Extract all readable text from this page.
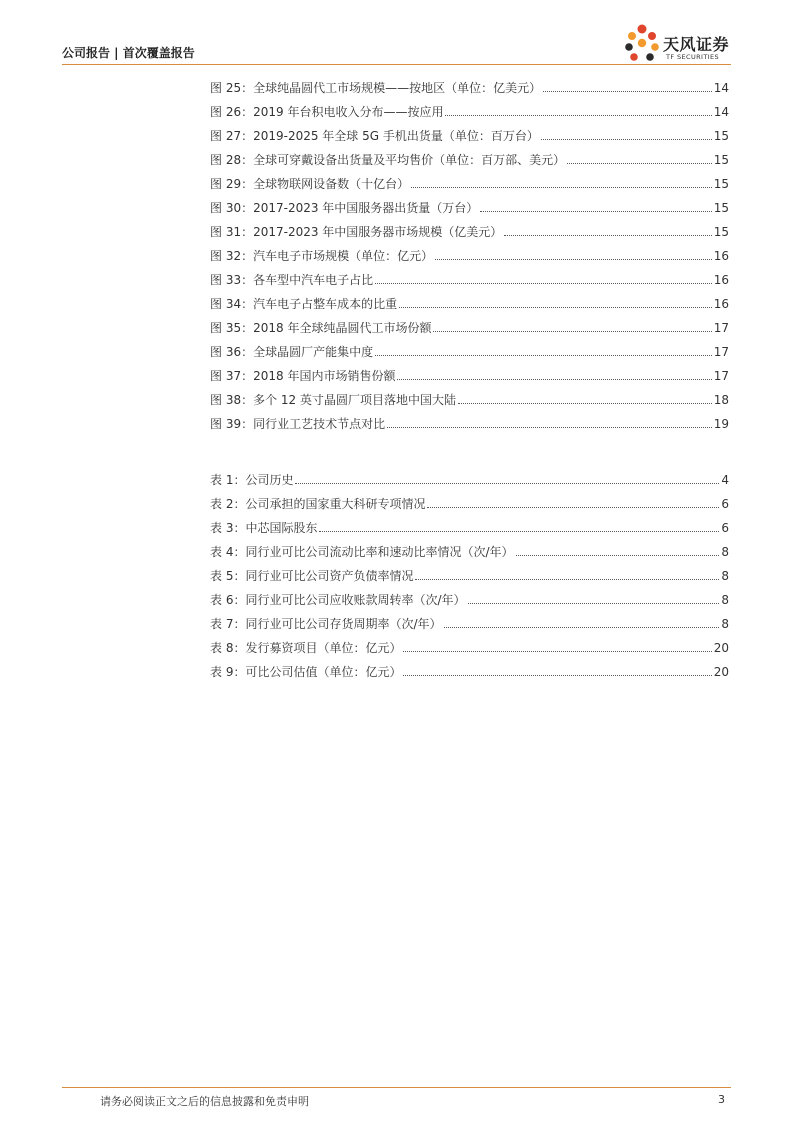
公司报告 | 首次覆盖报告	天风证券
TF SECURITIES
图 25：全球纯晶圆代工市场规模——按地区（单位：亿美元）	14
图 26：2019 年台积电收入分布——按应用	14
图 27：2019-2025 年全球 5G 手机出货量（单位：百万台）	15
图 28：全球可穿戴设备出货量及平均售价（单位：百万部、美元）	15
图 29：全球物联网设备数（十亿台）	15
图 30：2017-2023 年中国服务器出货量（万台）	15
图 31：2017-2023 年中国服务器市场规模（亿美元）	15
图 32：汽车电子市场规模（单位：亿元）	16
图 33：各车型中汽车电子占比	16
图 34：汽车电子占整车成本的比重	16
图 35：2018 年全球纯晶圆代工市场份额	17
图 36：全球晶圆厂产能集中度	17
图 37：2018 年国内市场销售份额	17
图 38：多个 12 英寸晶圆厂项目落地中国大陆	18
图 39：同行业工艺技术节点对比	19
表 1：公司历史	4
表 2：公司承担的国家重大科研专项情况	6
表 3：中芯国际股东	6
表 4：同行业可比公司流动比率和速动比率情况（次/年）	8
表 5：同行业可比公司资产负债率情况	8
表 6：同行业可比公司应收账款周转率（次/年）	8
表 7：同行业可比公司存货周期率（次/年）	8
表 8：发行募资项目（单位：亿元）	20
表 9：可比公司估值（单位：亿元）	20
请务必阅读正文之后的信息披露和免责申明	3
